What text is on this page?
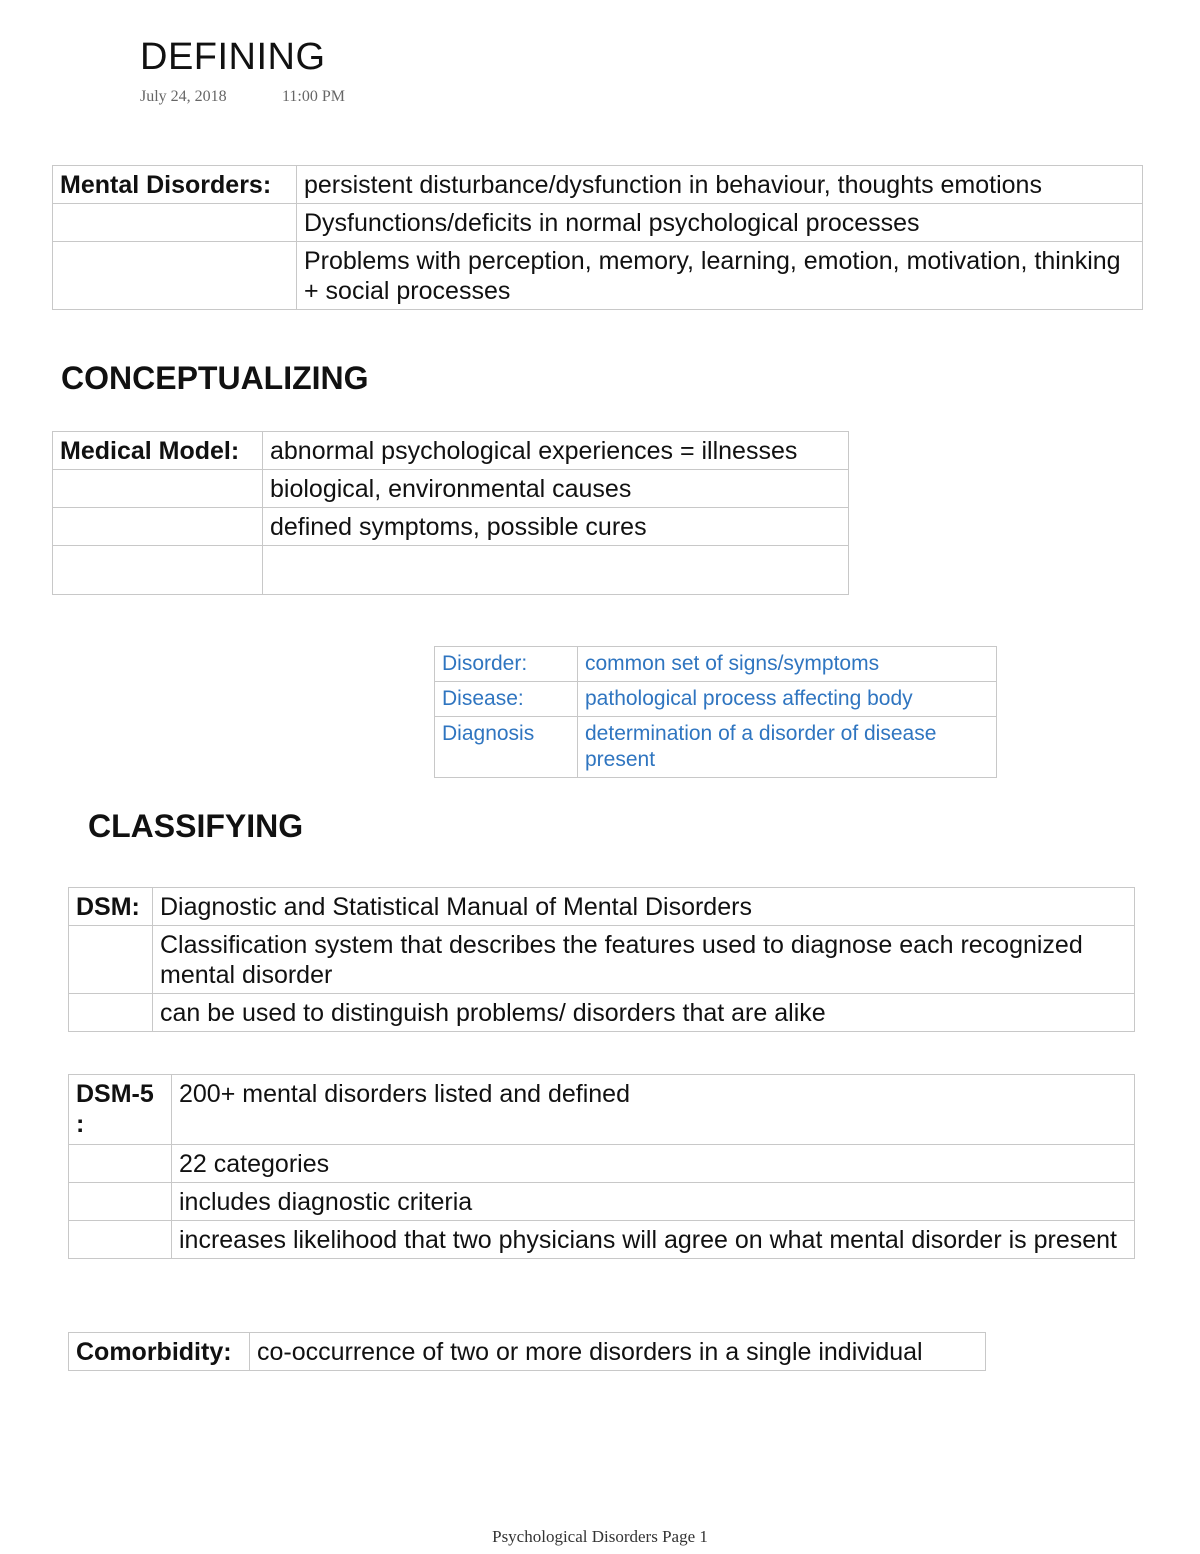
DEFINING
July 24, 2018	11:00 PM
Mental Disorders:	persistent disturbance/dysfunction in behaviour, thoughts emotions
	Dysfunctions/deficits in normal psychological processes
	Problems with perception, memory, learning, emotion, motivation, thinking + social processes
CONCEPTUALIZING
Medical Model:	abnormal psychological experiences = illnesses
	biological, environmental causes
	defined symptoms, possible cures

Disorder:	common set of signs/symptoms
Disease:	pathological process affecting body
Diagnosis	determination of a disorder of disease present
CLASSIFYING
DSM:	Diagnostic and Statistical Manual of Mental Disorders
	Classification system that describes the features used to diagnose each recognized mental disorder
	can be used to distinguish problems/ disorders that are alike
DSM-5 :	200+ mental disorders listed and defined
	22 categories
	includes diagnostic criteria
	increases likelihood that two physicians will agree on what mental disorder is present
Comorbidity:	co-occurrence of two or more disorders in a single individual
Psychological Disorders Page 1
